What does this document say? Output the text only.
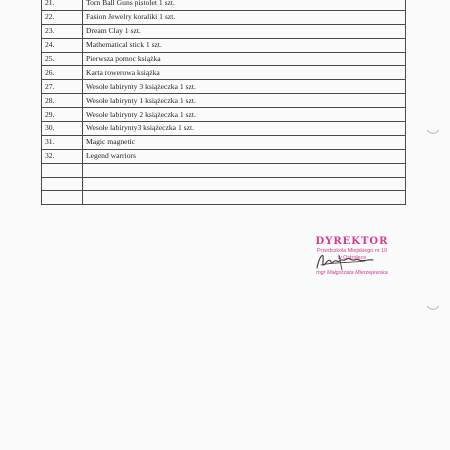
21.	Torn Ball Guns pistolet 1 szt.
22.	Fasion Jewelry koraliki 1 szt.
23.	Dream Clay 1 szt.
24.	Mathematical stick 1 szt.
25.	Pierwsza pomoc książka
26.	Karta rowerowa książka
27.	Wesołe labirynty 3 książeczka 1 szt.
28.	Wesołe labirynty 1 książeczka 1 szt.
29.	Wesołe labirynty 2 książeczka 1 szt.
30.	Wesołe labirynty3 książeczka 1 szt.
31.	Magic magnetic
32.	Legend warriors

DYREKTOR
Przedszkola Miejskiego nr 10
w Ostrołęce
mgr Małgorzata Mierzejewska
